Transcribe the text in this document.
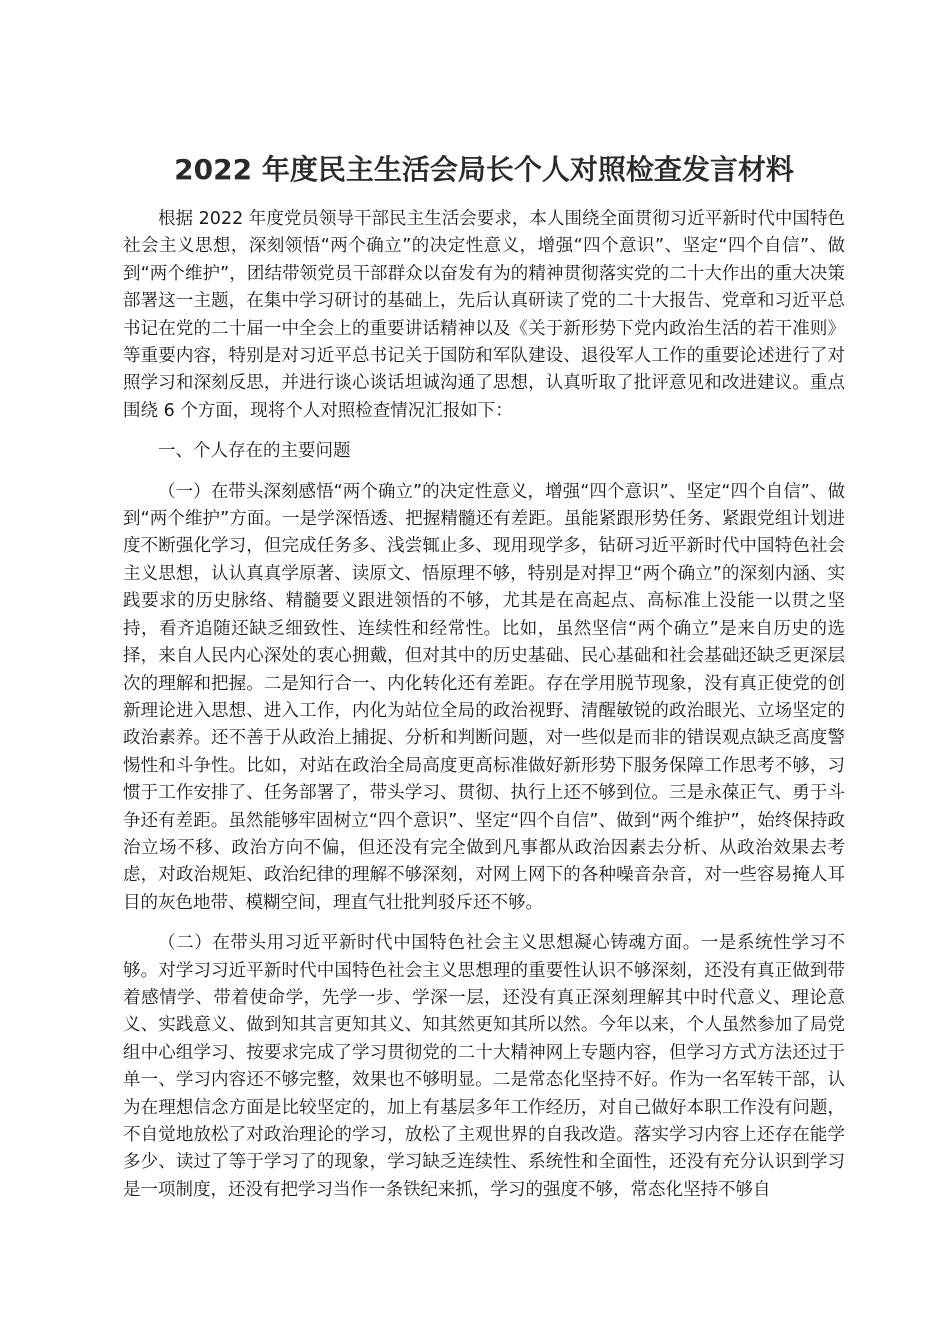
2022 年度民主生活会局长个人对照检查发言材料

根据 2022 年度党员领导干部民主生活会要求，本人围绕全面贯彻习近平新时代中国特色社会主义思想，深刻领悟“两个确立”的决定性意义，增强“四个意识”、坚定“四个自信”、做到“两个维护”，团结带领党员干部群众以奋发有为的精神贯彻落实党的二十大作出的重大决策部署这一主题，在集中学习研讨的基础上，先后认真研读了党的二十大报告、党章和习近平总书记在党的二十届一中全会上的重要讲话精神以及《关于新形势下党内政治生活的若干准则》等重要内容，特别是对习近平总书记关于国防和军队建设、退役军人工作的重要论述进行了对照学习和深刻反思，并进行谈心谈话坦诚沟通了思想，认真听取了批评意见和改进建议。重点围绕 6 个方面，现将个人对照检查情况汇报如下：

一、个人存在的主要问题

（一）在带头深刻感悟“两个确立”的决定性意义，增强“四个意识”、坚定“四个自信”、做到“两个维护”方面。一是学深悟透、把握精髓还有差距。虽能紧跟形势任务、紧跟党组计划进度不断强化学习，但完成任务多、浅尝辄止多、现用现学多，钻研习近平新时代中国特色社会主义思想，认认真真学原著、读原文、悟原理不够，特别是对捍卫“两个确立”的深刻内涵、实践要求的历史脉络、精髓要义跟进领悟的不够，尤其是在高起点、高标准上没能一以贯之坚持，看齐追随还缺乏细致性、连续性和经常性。比如，虽然坚信“两个确立”是来自历史的选择，来自人民内心深处的衷心拥戴，但对其中的历史基础、民心基础和社会基础还缺乏更深层次的理解和把握。二是知行合一、内化转化还有差距。存在学用脱节现象，没有真正使党的创新理论进入思想、进入工作，内化为站位全局的政治视野、清醒敏锐的政治眼光、立场坚定的政治素养。还不善于从政治上捕捉、分析和判断问题，对一些似是而非的错误观点缺乏高度警惕性和斗争性。比如，对站在政治全局高度更高标准做好新形势下服务保障工作思考不够，习惯于工作安排了、任务部署了，带头学习、贯彻、执行上还不够到位。三是永葆正气、勇于斗争还有差距。虽然能够牢固树立“四个意识”、坚定“四个自信”、做到“两个维护”，始终保持政治立场不移、政治方向不偏，但还没有完全做到凡事都从政治因素去分析、从政治效果去考虑，对政治规矩、政治纪律的理解不够深刻，对网上网下的各种噪音杂音，对一些容易掩人耳目的灰色地带、模糊空间，理直气壮批判驳斥还不够。

（二）在带头用习近平新时代中国特色社会主义思想凝心铸魂方面。一是系统性学习不够。对学习习近平新时代中国特色社会主义思想理的重要性认识不够深刻，还没有真正做到带着感情学、带着使命学，先学一步、学深一层，还没有真正深刻理解其中时代意义、理论意义、实践意义、做到知其言更知其义、知其然更知其所以然。今年以来，个人虽然参加了局党组中心组学习、按要求完成了学习贯彻党的二十大精神网上专题内容，但学习方式方法还过于单一、学习内容还不够完整，效果也不够明显。二是常态化坚持不好。作为一名军转干部，认为在理想信念方面是比较坚定的，加上有基层多年工作经历，对自己做好本职工作没有问题，不自觉地放松了对政治理论的学习，放松了主观世界的自我改造。落实学习内容上还存在能学多少、读过了等于学习了的现象，学习缺乏连续性、系统性和全面性，还没有充分认识到学习是一项制度，还没有把学习当作一条铁纪来抓，学习的强度不够，常态化坚持不够自
